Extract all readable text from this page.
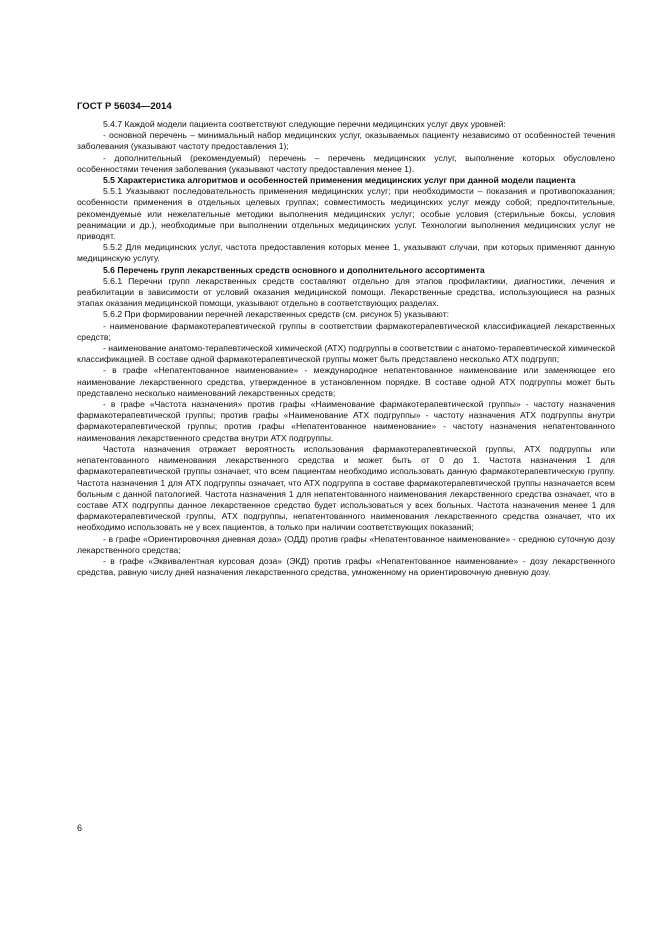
ГОСТ Р 56034—2014

5.4.7 Каждой модели пациента соответствуют следующие перечни медицинских услуг двух уровней:

- основной перечень – минимальный набор медицинских услуг, оказываемых пациенту независимо от особенностей течения заболевания (указывают частоту предоставления 1);

- дополнительный (рекомендуемый) перечень – перечень медицинских услуг, выполнение которых обусловлено особенностями течения заболевания (указывают частоту предоставления менее 1).

5.5 Характеристика алгоритмов и особенностей применения медицинских услуг при данной модели пациента

5.5.1 Указывают последовательность применения медицинских услуг; при необходимости – показания и противопоказания; особенности применения в отдельных целевых группах; совместимость медицинских услуг между собой; предпочтительные, рекомендуемые или нежелательные методики выполнения медицинских услуг; особые условия (стерильные боксы, условия реанимации и др.), необходимые при выполнении отдельных медицинских услуг. Технологии выполнения медицинских услуг не приводят.

5.5.2 Для медицинских услуг, частота предоставления которых менее 1, указывают случаи, при которых применяют данную медицинскую услугу.

5.6 Перечень групп лекарственных средств основного и дополнительного ассортимента

5.6.1 Перечни групп лекарственных средств составляют отдельно для этапов профилактики, диагностики, лечения и реабилитации в зависимости от условий оказания медицинской помощи. Лекарственные средства, использующиеся на разных этапах оказания медицинской помощи, указывают отдельно в соответствующих разделах.

5.6.2 При формировании перечней лекарственных средств (см. рисунок 5) указывают:

- наименование фармакотерапевтической группы в соответствии фармакотерапевтической классификацией лекарственных средств;

- наименование анатомо-терапевтической химической (АТХ) подгруппы в соответствии с анатомо-терапевтической химической классификацией. В составе одной фармакотерапевтической группы может быть представлено несколько АТХ подгрупп;

- в графе «Непатентованное наименование» - международное непатентованное наименование или заменяющее его наименование лекарственного средства, утвержденное в установленном порядке. В составе одной АТХ подгруппы может быть представлено несколько наименований лекарственных средств;

- в графе «Частота назначения» против графы «Наименование фармакотерапевтической группы» - частоту назначения фармакотерапевтической группы; против графы «Наименование АТХ подгруппы» - частоту назначения АТХ подгруппы внутри фармакотерапевтической группы; против графы «Непатентованное наименование» - частоту назначения непатентованного наименования лекарственного средства внутри АТХ подгруппы.

Частота назначения отражает вероятность использования фармакотерапевтической группы, АТХ подгруппы или непатентованного наименования лекарственного средства и может быть от 0 до 1. Частота назначения 1 для фармакотерапевтической группы означает, что всем пациентам необходимо использовать данную фармакотерапевтическую группу. Частота назначения 1 для АТХ подгруппы означает, что АТХ подгруппа в составе фармакотерапевтической группы назначается всем больным с данной патологией. Частота назначения 1 для непатентованного наименования лекарственного средства означает, что в составе АТХ подгруппы данное лекарственное средство будет использоваться у всех больных. Частота назначения менее 1 для фармакотерапевтической группы, АТХ подгруппы, непатентованного наименования лекарственного средства означает, что их необходимо использовать не у всех пациентов, а только при наличии соответствующих показаний;

- в графе «Ориентировочная дневная доза» (ОДД) против графы «Непатентованное наименование» - среднюю суточную дозу лекарственного средства;

- в графе «Эквивалентная курсовая доза» (ЭКД) против графы «Непатентованное наименование» - дозу лекарственного средства, равную числу дней назначения лекарственного средства, умноженному на ориентировочную дневную дозу.

6
